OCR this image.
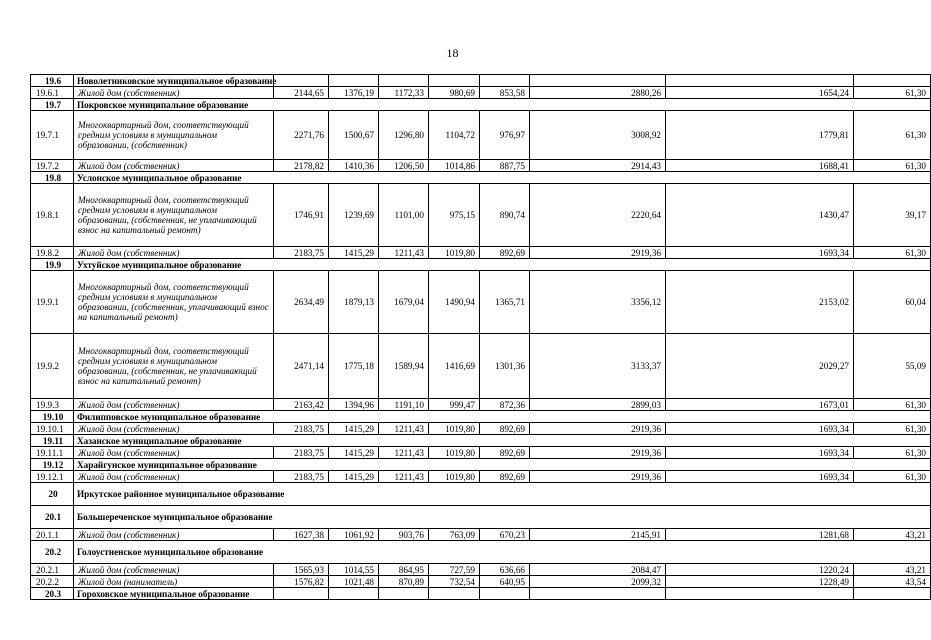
18
19.6	Новолетниковское муниципальное образование								
19.6.1	Жилой дом (собственник)	2144,65	1376,19	1172,33	980,69	853,58	2880,26	1654,24	61,30
19.7	Покровское муниципальное образование								
19.7.1	Многоквартирный дом, соответствующий средним условиям в муниципальном образовании, (собственник)	2271,76	1500,67	1296,80	1104,72	976,97	3008,92	1779,81	61,30
19.7.2	Жилой дом (собственник)	2178,82	1410,36	1206,50	1014,86	887,75	2914,43	1688,41	61,30
19.8	Услонское муниципальное образование								
19.8.1	Многоквартирный дом, соответствующий средним условиям в муниципальном образовании, (собственник, не уплачивающий взнос на капитальный ремонт)	1746,91	1239,69	1101,00	975,15	890,74	2220,64	1430,47	39,17
19.8.2	Жилой дом (собственник)	2183,75	1415,29	1211,43	1019,80	892,69	2919,36	1693,34	61,30
19.9	Ухтуйское муниципальное образование								
19.9.1	Многоквартирный дом, соответствующий средним условиям в муниципальном образовании, (собственник, уплачивающий взнос на капитальный ремонт)	2634,49	1879,13	1679,04	1490,94	1365,71	3356,12	2153,02	60,04
19.9.2	Многоквартирный дом, соответствующий средним условиям в муниципальном образовании, (собственник, не уплачивающий взнос на капитальный ремонт)	2471,14	1775,18	1589,94	1416,69	1301,36	3133,37	2029,27	55,09
19.9.3	Жилой дом (собственник)	2163,42	1394,96	1191,10	999,47	872,36	2899,03	1673,01	61,30
19.10	Филипповское муниципальное образование								
19.10.1	Жилой дом (собственник)	2183,75	1415,29	1211,43	1019,80	892,69	2919,36	1693,34	61,30
19.11	Хазанское муниципальное образование								
19.11.1	Жилой дом (собственник)	2183,75	1415,29	1211,43	1019,80	892,69	2919,36	1693,34	61,30
19.12	Харайгунское муниципальное образование								
19.12.1	Жилой дом (собственник)	2183,75	1415,29	1211,43	1019,80	892,69	2919,36	1693,34	61,30
20	Иркутское районное муниципальное образование								
20.1	Большереченское муниципальное образование								
20.1.1	Жилой дом (собственник)	1627,38	1061,92	903,76	763,09	670,23	2145,91	1281,68	43,21
20.2	Голоустненское муниципальное образование								
20.2.1	Жилой дом (собственник)	1565,93	1014,55	864,95	727,59	636,66	2084,47	1220,24	43,21
20.2.2	Жилой дом (наниматель)	1576,82	1021,48	870,89	732,54	640,95	2099,32	1228,49	43,54
20.3	Гороховское муниципальное образование								
